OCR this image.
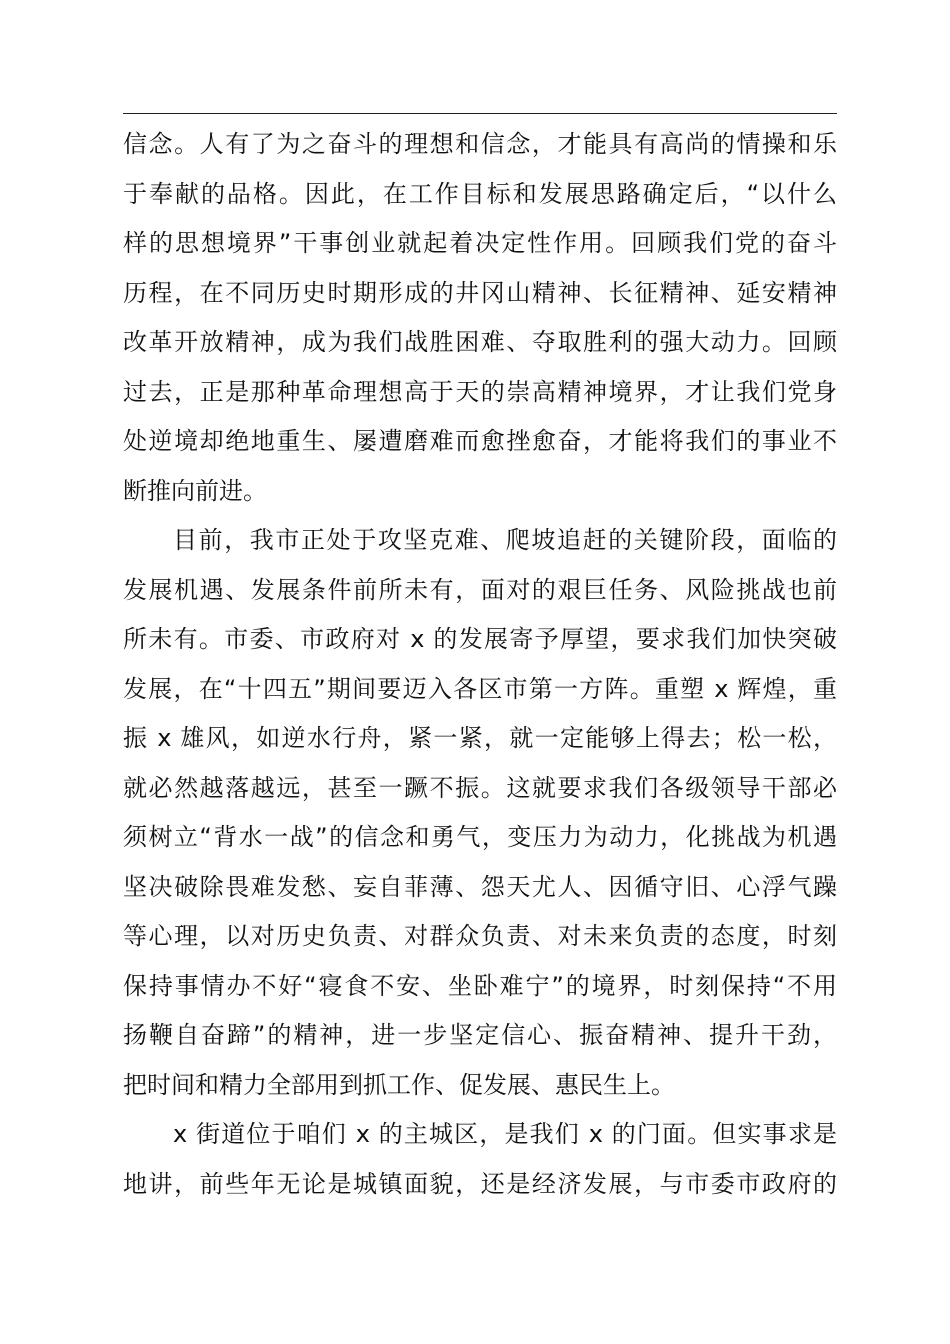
信念。人有了为之奋斗的理想和信念，才能具有高尚的情操和乐
于奉献的品格。因此，在工作目标和发展思路确定后，“以什么
样的思想境界”干事创业就起着决定性作用。回顾我们党的奋斗
历程，在不同历史时期形成的井冈山精神、长征精神、延安精神
改革开放精神，成为我们战胜困难、夺取胜利的强大动力。回顾
过去，正是那种革命理想高于天的崇高精神境界，才让我们党身
处逆境却绝地重生、屡遭磨难而愈挫愈奋，才能将我们的事业不
断推向前进。
目前，我市正处于攻坚克难、爬坡追赶的关键阶段，面临的
发展机遇、发展条件前所未有，面对的艰巨任务、风险挑战也前
所未有。市委、市政府对 x 的发展寄予厚望，要求我们加快突破
发展，在“十四五”期间要迈入各区市第一方阵。重塑 x 辉煌，重
振 x 雄风，如逆水行舟，紧一紧，就一定能够上得去；松一松，
就必然越落越远，甚至一蹶不振。这就要求我们各级领导干部必
须树立“背水一战”的信念和勇气，变压力为动力，化挑战为机遇
坚决破除畏难发愁、妄自菲薄、怨天尤人、因循守旧、心浮气躁
等心理，以对历史负责、对群众负责、对未来负责的态度，时刻
保持事情办不好“寝食不安、坐卧难宁”的境界，时刻保持“不用
扬鞭自奋蹄”的精神，进一步坚定信心、振奋精神、提升干劲，
把时间和精力全部用到抓工作、促发展、惠民生上。
x 街道位于咱们 x 的主城区，是我们 x 的门面。但实事求是
地讲，前些年无论是城镇面貌，还是经济发展，与市委市政府的
